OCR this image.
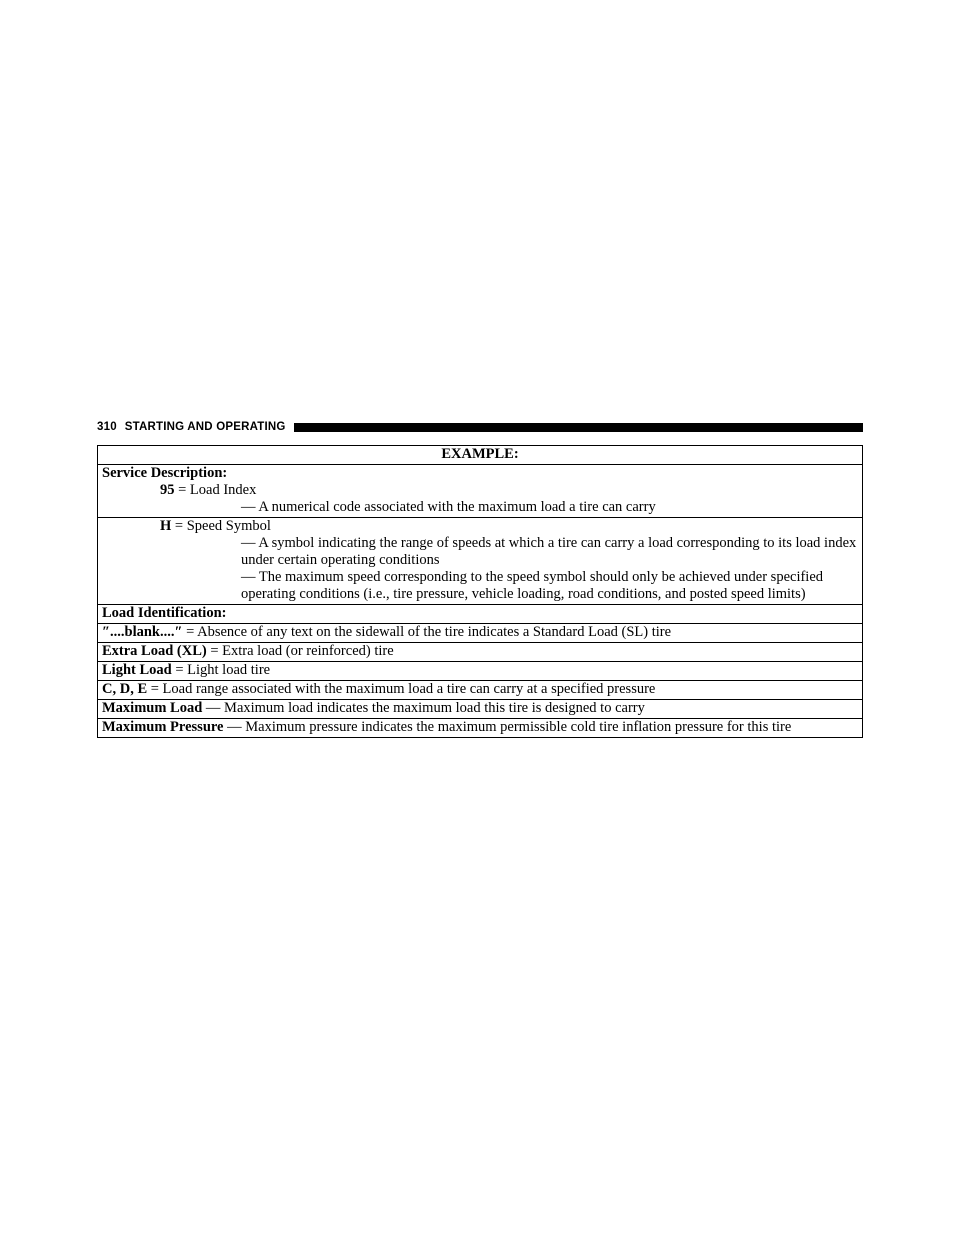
310 STARTING AND OPERATING
EXAMPLE:

Service Description:
95 = Load Index
— A numerical code associated with the maximum load a tire can carry

H = Speed Symbol
— A symbol indicating the range of speeds at which a tire can carry a load corresponding to its load index under certain operating conditions
— The maximum speed corresponding to the speed symbol should only be achieved under specified operating conditions (i.e., tire pressure, vehicle loading, road conditions, and posted speed limits)

Load Identification:
″....blank....″ = Absence of any text on the sidewall of the tire indicates a Standard Load (SL) tire
Extra Load (XL) = Extra load (or reinforced) tire
Light Load = Light load tire
C, D, E = Load range associated with the maximum load a tire can carry at a specified pressure
Maximum Load — Maximum load indicates the maximum load this tire is designed to carry
Maximum Pressure — Maximum pressure indicates the maximum permissible cold tire inflation pressure for this tire
